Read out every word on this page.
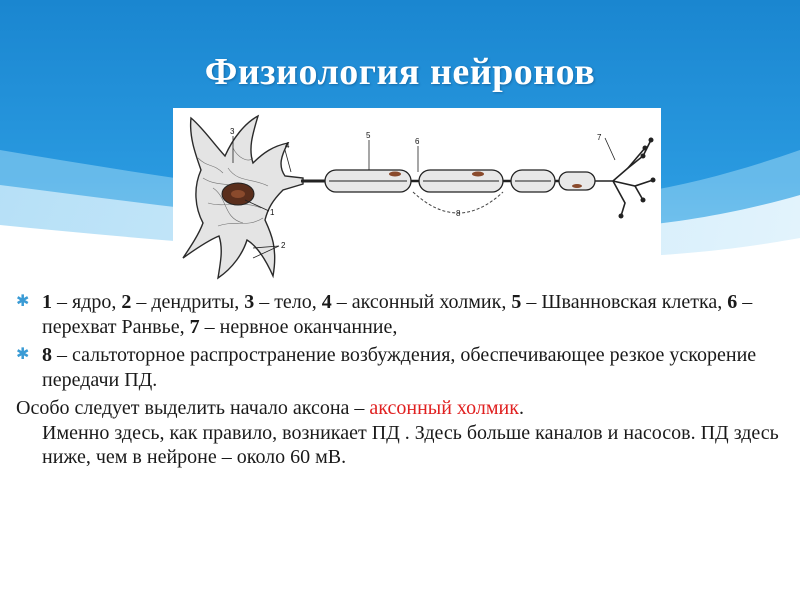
Физиология нейронов
1
2
3
4
5
6	7
8
✱ 1 – ядро, 2 – дендриты, 3 – тело, 4 – аксонный холмик, 5 – Шванновская клетка, 6 – перехват Ранвье, 7 – нервное оканчанние,
✱ 8 – сальтоторное распространение возбуждения, обеспечивающее резкое ускорение передачи ПД.
Особо следует выделить начало аксона – аксонный холмик.
Именно здесь, как правило, возникает ПД . Здесь больше каналов и насосов. ПД здесь ниже, чем в нейроне – около 60 мВ.
